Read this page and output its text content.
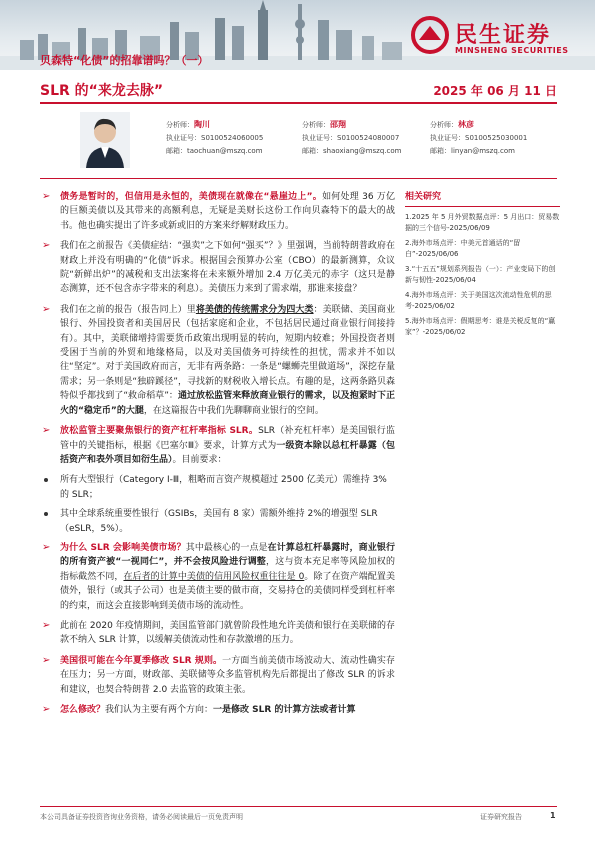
民生证券
MINSHENG SECURITIES
贝森特“化债”的招靠谱吗？（一）
SLR 的“来龙去脉”	2025 年 06 月 11 日
分析师：陶川
执业证号：S0100524060005
邮箱：taochuan@mszq.com
分析师：邵翔
执业证号：S0100524080007
邮箱：shaoxiang@mszq.com
分析师：林彦
执业证号：S0100525030001
邮箱：linyan@mszq.com
➢ 债务是暂时的，但信用是永恒的，美债现在就像在“悬崖边上”。如何处理 36 万亿的巨额美债以及其带来的高额利息，无疑是美财长这份工作向贝森特下的最大的战书。他也确实提出了许多或新或旧的方案来纾解财政压力。
➢ 我们在之前报告《美债症结：“强卖”之下如何“强买”？》里强调，当前特朗普政府在财政上并没有明确的“化债”诉求。根据国会预算办公室（CBO）的最新测算，众议院“新鲜出炉”的减税和支出法案将在未来额外增加 2.4 万亿美元的赤字（这只是静态测算，还不包含赤字带来的利息）。美债压力来到了需求端，那谁来接盘？
➢ 我们在之前的报告（报告同上）里将美债的传统需求分为四大类：美联储、美国商业银行、外国投资者和美国居民（包括家庭和企业，不包括居民通过商业银行间接持有）。其中，美联储增持需要货币政策出现明显的转向，短期内较难；外国投资者则受困于当前的外贸和地缘格局，以及对美国债务可持续性的担忧，需求并不如以往“坚定”。对于美国政府而言，无非有两条路：一条是“螺蛳壳里做道场”，深挖存量需求；另一条则是“独辟蹊径”，寻找新的财税收入增长点。有趣的是，这两条路贝森特似乎都找到了“救命稻草”：通过放松监管来释放商业银行的需求，以及抱紧时下正火的“稳定币”的大腿，在这篇报告中我们先聊聊商业银行的空间。
➢ 放松监管主要聚焦银行的资产杠杆率指标 SLR。SLR（补充杠杆率）是美国银行监管中的关键指标，根据《巴塞尔Ⅲ》要求，计算方式为一级资本除以总杠杆暴露（包括资产和表外项目如衍生品）。目前要求：
所有大型银行（Category Ⅰ-Ⅲ，粗略而言资产规模超过 2500 亿美元）需维持 3%的 SLR；
其中全球系统重要性银行（GSIBs，美国有 8 家）需额外维持 2%的增强型 SLR（eSLR，5%）。
➢ 为什么 SLR 会影响美债市场？其中最核心的一点是在计算总杠杆暴露时，商业银行的所有资产被“一视同仁”，并不会按风险进行调整，这与资本充足率等风险加权的指标截然不同，在后者的计算中美债的信用风险权重往往是 0。除了在资产端配置美债外，银行（或其子公司）也是美债主要的做市商，交易持仓的美债同样受到杠杆率的约束，而这会直接影响到美债市场的流动性。
➢ 此前在 2020 年疫情期间，美国监管部门就曾阶段性地允许美债和银行在美联储的存款不纳入 SLR 计算，以缓解美债流动性和存款激增的压力。
➢ 美国很可能在今年夏季修改 SLR 规则。一方面当前美债市场波动大、流动性确实存在压力；另一方面，财政部、美联储等众多监管机构先后都提出了修改 SLR 的诉求和建议，也契合特朗普 2.0 去监管的政策主张。
➢ 怎么修改？我们认为主要有两个方向：一是修改 SLR 的计算方法或者计算
相关研究
1.2025 年 5 月外贸数据点评：5 月出口：贸易数据的三个信号-2025/06/09
2.海外市场点评：中美元首通话的“留白”-2025/06/06
3.“十五五”规划系列报告（一）：产业变局下的创新与韧性-2025/06/04
4.海外市场点评：关于美国这次流动性危机的思考-2025/06/02
5.海外市场点评：假期思考：谁是关税反复的“赢家”？-2025/06/02
本公司具备证券投资咨询业务资格，请务必阅读最后一页免责声明	证券研究报告	1
